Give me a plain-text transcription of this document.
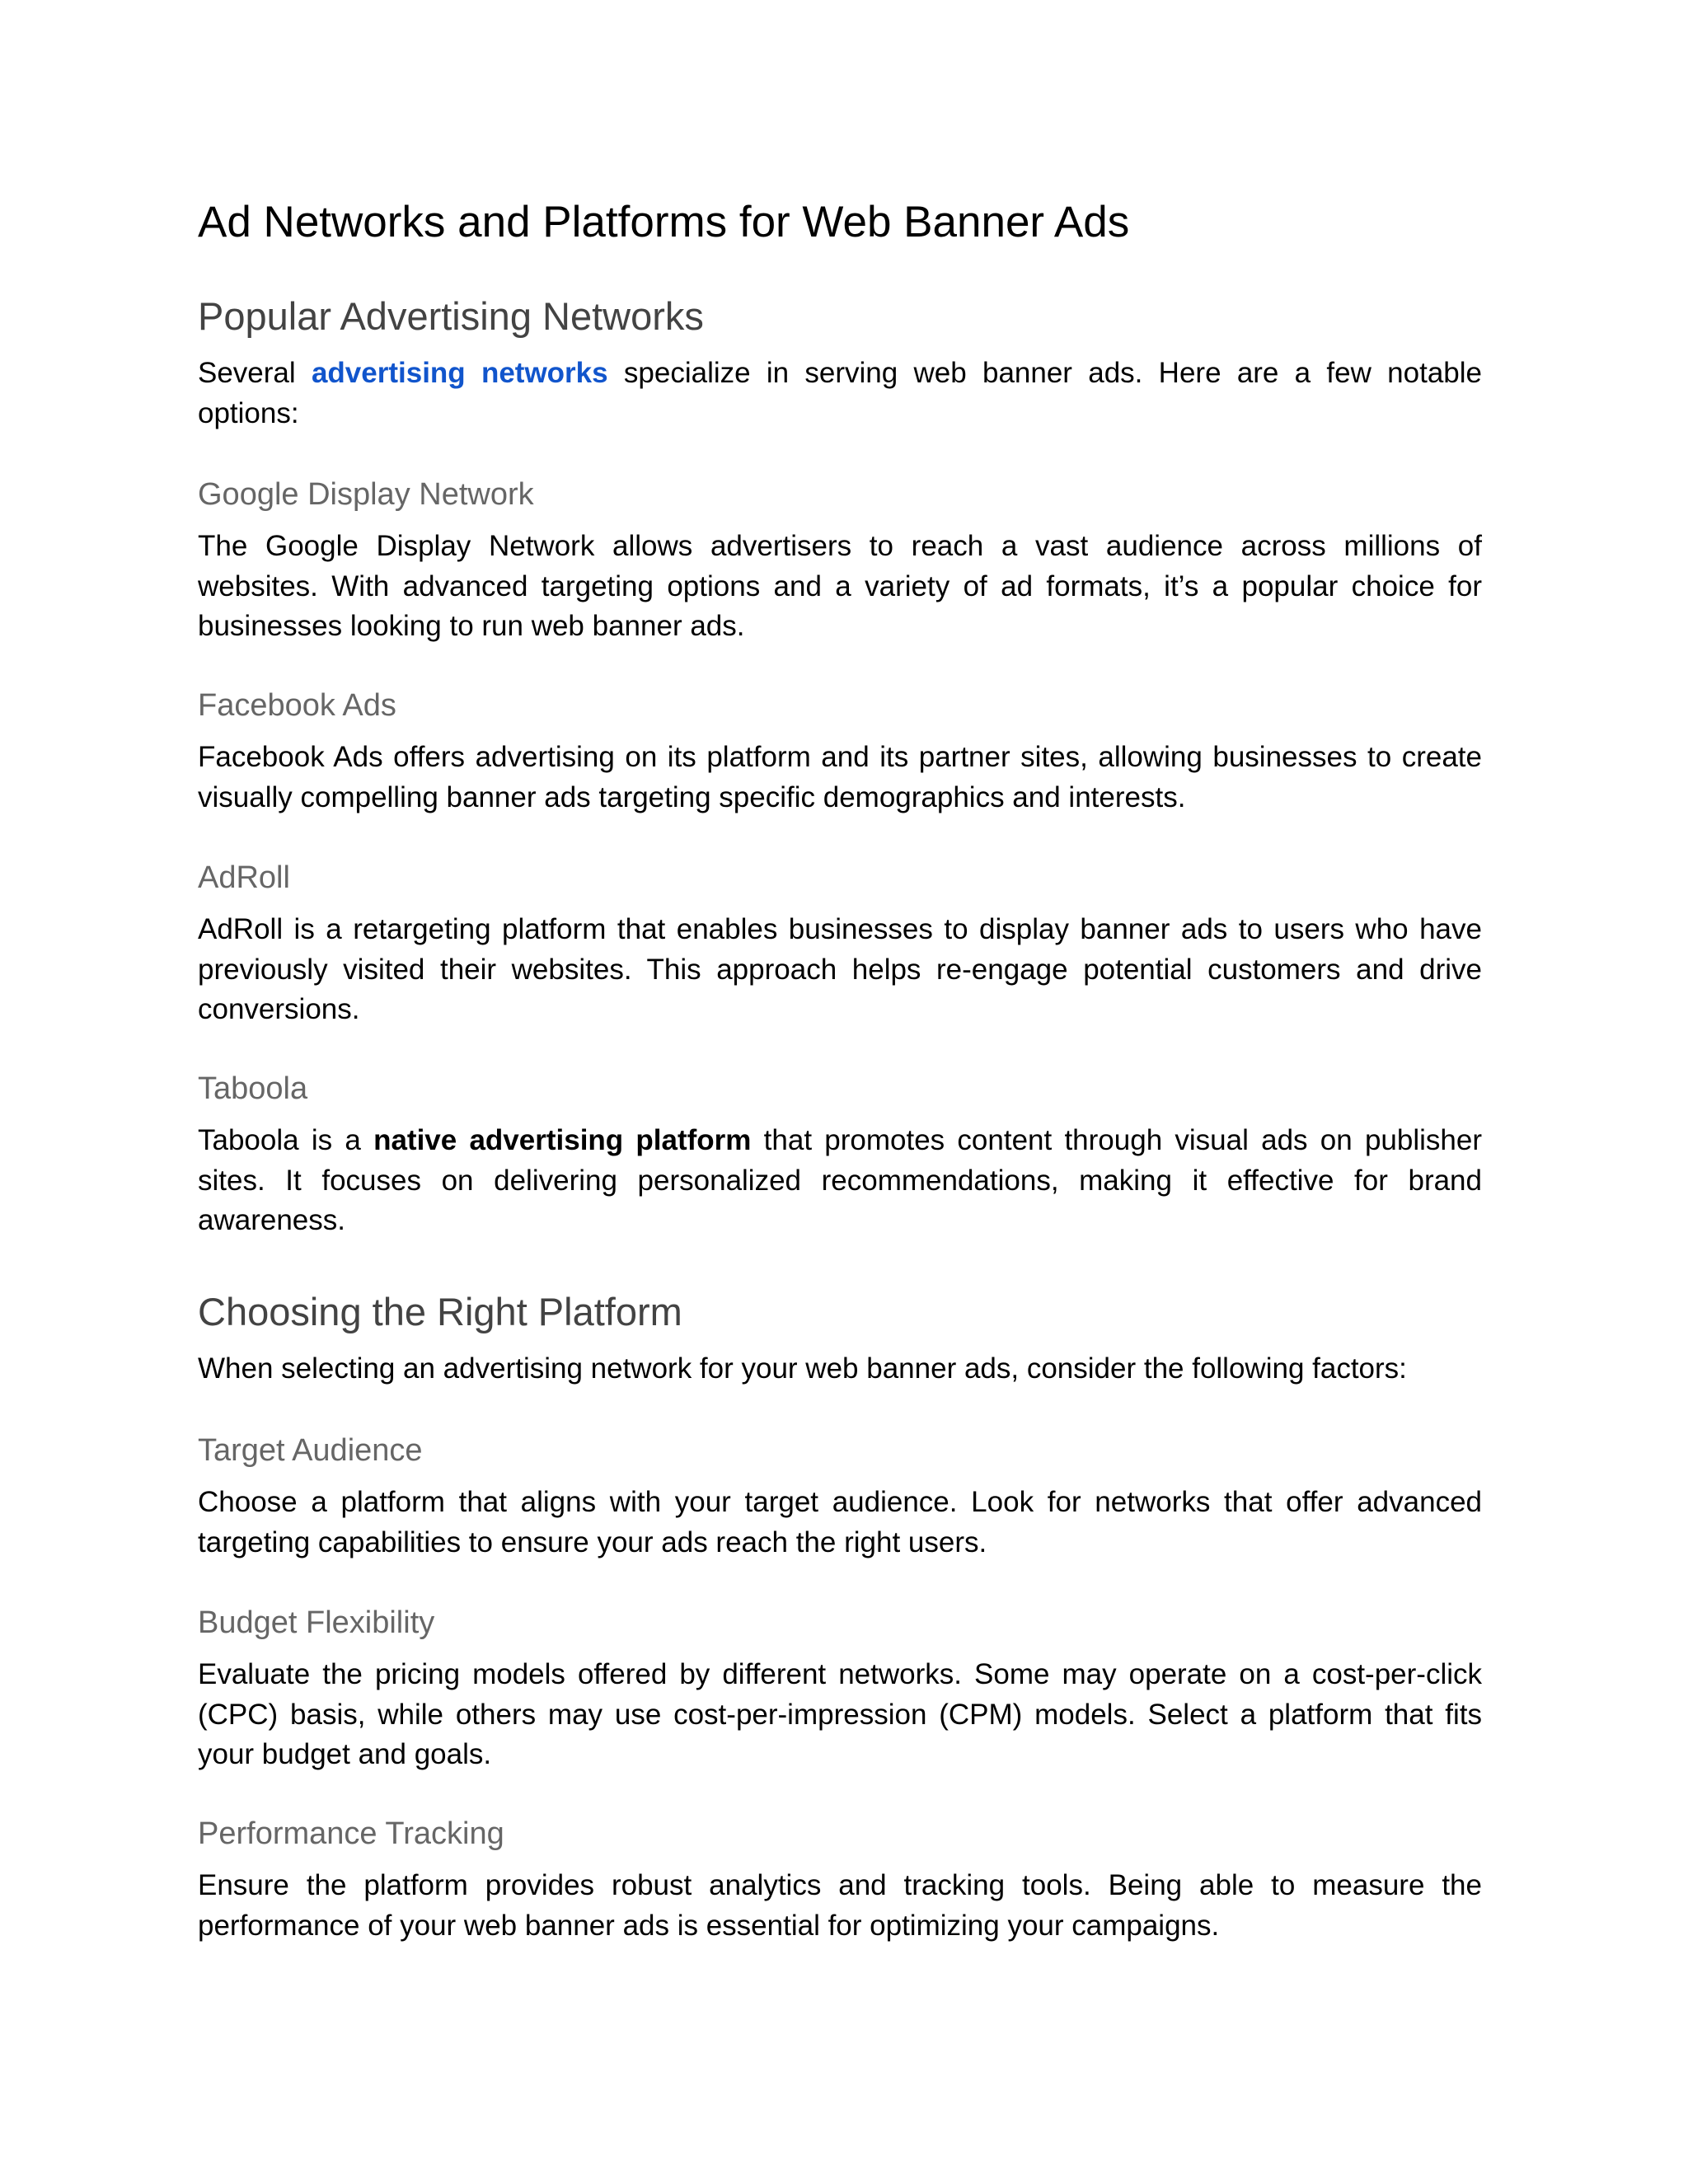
Ad Networks and Platforms for Web Banner Ads
Popular Advertising Networks

Several advertising networks specialize in serving web banner ads. Here are a few notable options:

Google Display Network

The Google Display Network allows advertisers to reach a vast audience across millions of websites. With advanced targeting options and a variety of ad formats, it’s a popular choice for businesses looking to run web banner ads.

Facebook Ads

Facebook Ads offers advertising on its platform and its partner sites, allowing businesses to create visually compelling banner ads targeting specific demographics and interests.

AdRoll

AdRoll is a retargeting platform that enables businesses to display banner ads to users who have previously visited their websites. This approach helps re-engage potential customers and drive conversions.

Taboola

Taboola is a native advertising platform that promotes content through visual ads on publisher sites. It focuses on delivering personalized recommendations, making it effective for brand awareness.

Choosing the Right Platform

When selecting an advertising network for your web banner ads, consider the following factors:

Target Audience

Choose a platform that aligns with your target audience. Look for networks that offer advanced targeting capabilities to ensure your ads reach the right users.

Budget Flexibility

Evaluate the pricing models offered by different networks. Some may operate on a cost-per-click (CPC) basis, while others may use cost-per-impression (CPM) models. Select a platform that fits your budget and goals.

Performance Tracking

Ensure the platform provides robust analytics and tracking tools. Being able to measure the performance of your web banner ads is essential for optimizing your campaigns.
